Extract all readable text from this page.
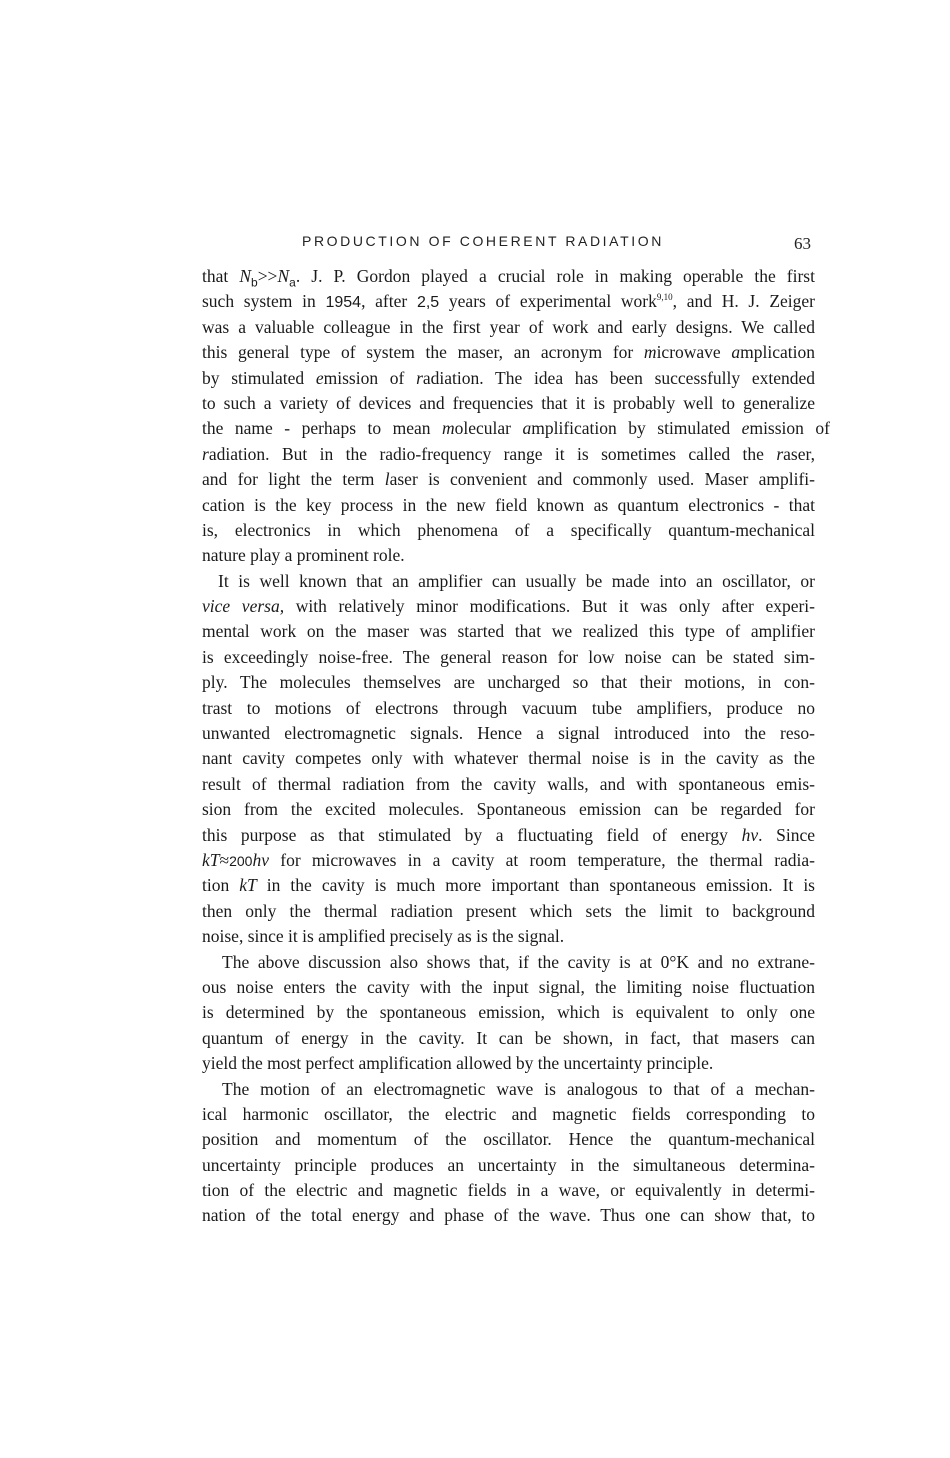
PRODUCTION OF COHERENT RADIATION	63
that $N_b>>N_a$. J. P. Gordon played a crucial role in making operable the first
such system in 1954, after 2,5 years of experimental work$^{9,10}$, and H. J. Zeiger
was a valuable colleague in the first year of work and early designs. We called
this general type of system the maser, an acronym for microwave amplication
by stimulated emission of radiation. The idea has been successfully extended
to such a variety of devices and frequencies that it is probably well to generalize
the name - perhaps to mean molecular amplification by stimulated emission of
radiation. But in the radio-frequency range it is sometimes called the raser,
and for light the term laser is convenient and commonly used. Maser amplifi-
cation is the key process in the new field known as quantum electronics - that
is, electronics in which phenomena of a specifically quantum-mechanical
nature play a prominent role.
It is well known that an amplifier can usually be made into an oscillator, or
vice versa, with relatively minor modifications. But it was only after experi-
mental work on the maser was started that we realized this type of amplifier
is exceedingly noise-free. The general reason for low noise can be stated sim-
ply. The molecules themselves are uncharged so that their motions, in con-
trast to motions of electrons through vacuum tube amplifiers, produce no
unwanted electromagnetic signals. Hence a signal introduced into the reso-
nant cavity competes only with whatever thermal noise is in the cavity as the
result of thermal radiation from the cavity walls, and with spontaneous emis-
sion from the excited molecules. Spontaneous emission can be regarded for
this purpose as that stimulated by a fluctuating field of energy hν. Since
kT≈200hν for microwaves in a cavity at room temperature, the thermal radia-
tion kT in the cavity is much more important than spontaneous emission. It is
then only the thermal radiation present which sets the limit to background
noise, since it is amplified precisely as is the signal.
The above discussion also shows that, if the cavity is at 0°K and no extrane-
ous noise enters the cavity with the input signal, the limiting noise fluctuation
is determined by the spontaneous emission, which is equivalent to only one
quantum of energy in the cavity. It can be shown, in fact, that masers can
yield the most perfect amplification allowed by the uncertainty principle.
The motion of an electromagnetic wave is analogous to that of a mechan-
ical harmonic oscillator, the electric and magnetic fields corresponding to
position and momentum of the oscillator. Hence the quantum-mechanical
uncertainty principle produces an uncertainty in the simultaneous determina-
tion of the electric and magnetic fields in a wave, or equivalently in determi-
nation of the total energy and phase of the wave. Thus one can show that, to
